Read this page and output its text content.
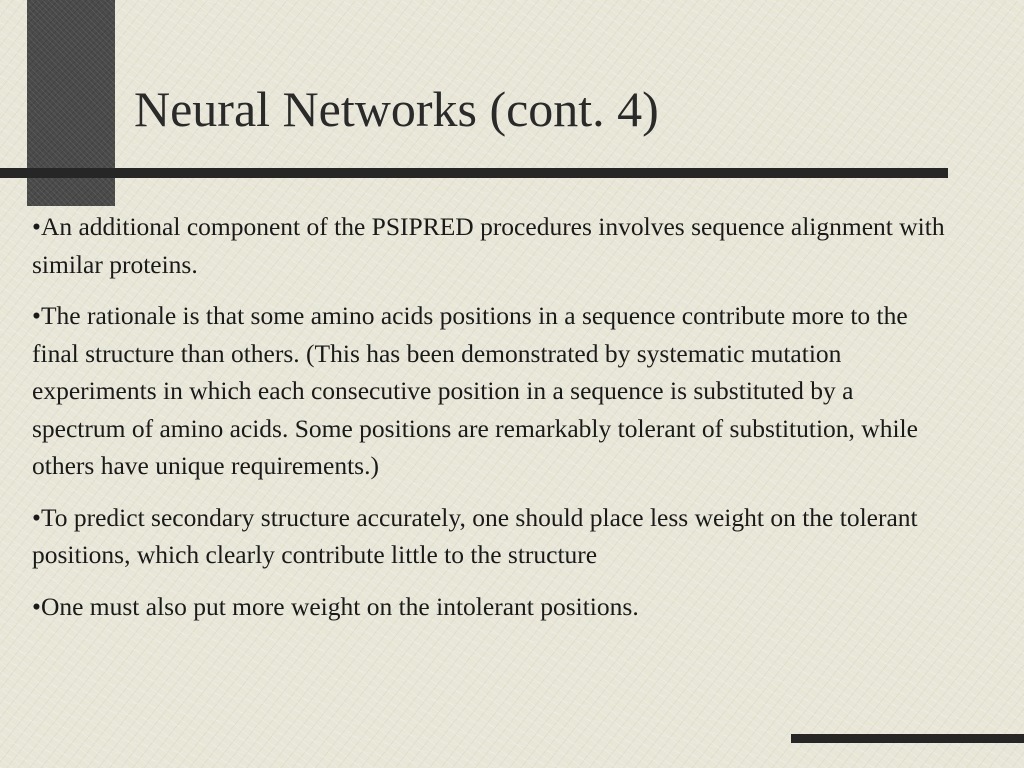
Neural Networks (cont. 4)

•An additional component of the PSIPRED procedures involves sequence alignment with similar proteins.

•The rationale is that some amino acids positions in a sequence contribute more to the final structure than others. (This has been demonstrated by systematic mutation experiments in which each consecutive position in a sequence is substituted by a spectrum of amino acids. Some positions are remarkably tolerant of substitution, while others have unique requirements.)

•To predict secondary structure accurately, one should place less weight on the tolerant positions, which clearly contribute little to the structure

•One must also put more weight on the intolerant positions.
